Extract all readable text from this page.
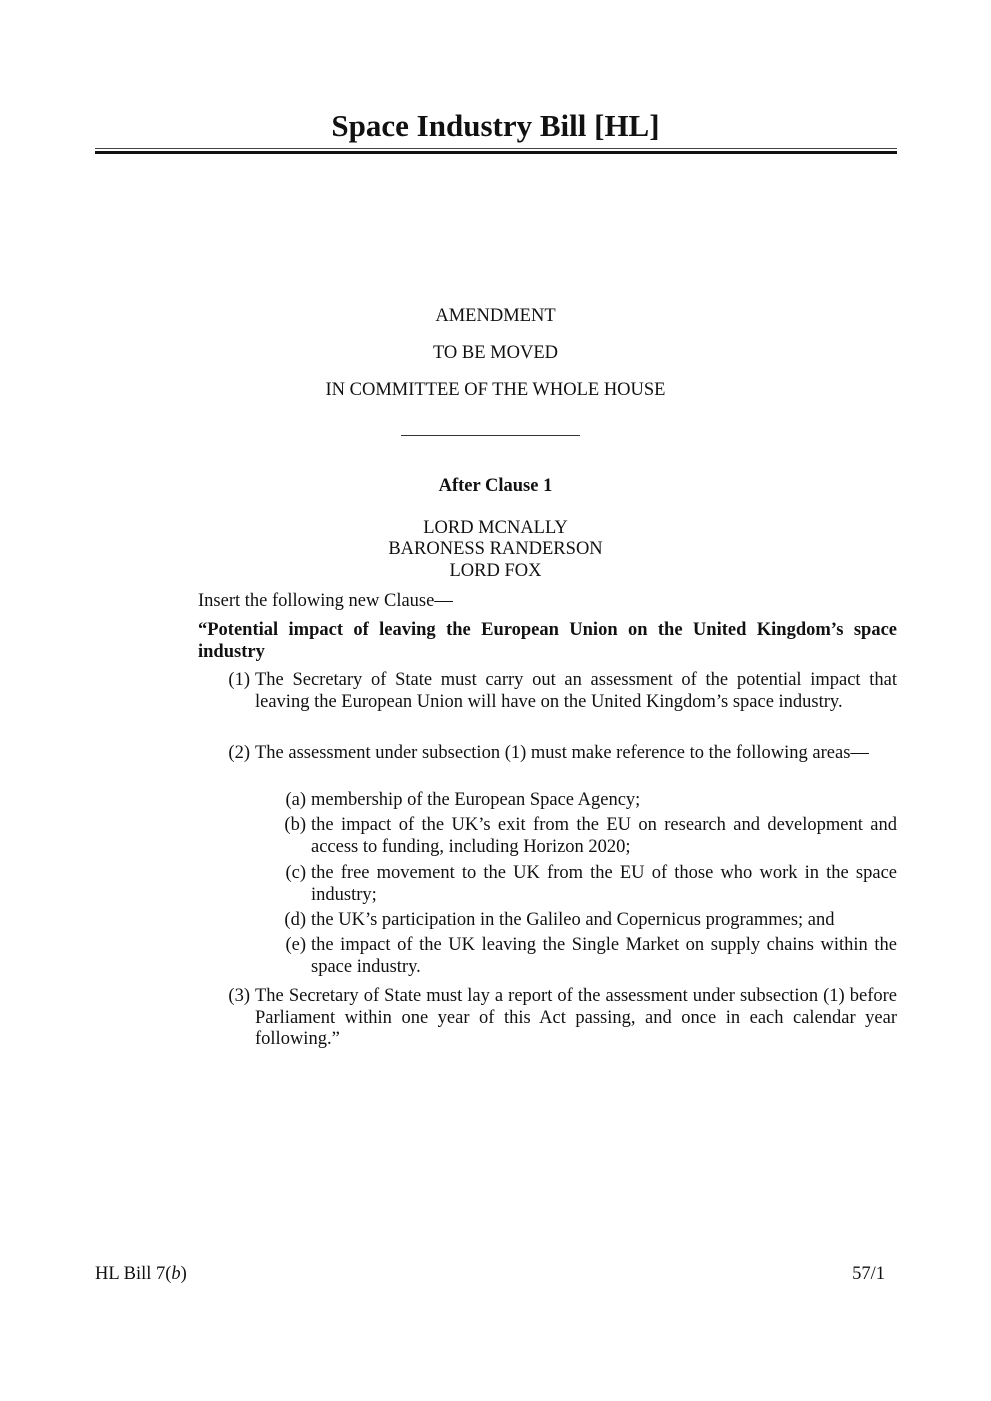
Space Industry Bill [HL]
AMENDMENT
TO BE MOVED
IN COMMITTEE OF THE WHOLE HOUSE
After Clause 1
LORD MCNALLY
BARONESS RANDERSON
LORD FOX
Insert the following new Clause—
“Potential impact of leaving the European Union on the United Kingdom’s space industry
(1) The Secretary of State must carry out an assessment of the potential impact that leaving the European Union will have on the United Kingdom’s space industry.
(2) The assessment under subsection (1) must make reference to the following areas—
(a) membership of the European Space Agency;
(b) the impact of the UK’s exit from the EU on research and development and access to funding, including Horizon 2020;
(c) the free movement to the UK from the EU of those who work in the space industry;
(d) the UK’s participation in the Galileo and Copernicus programmes; and
(e) the impact of the UK leaving the Single Market on supply chains within the space industry.
(3) The Secretary of State must lay a report of the assessment under subsection (1) before Parliament within one year of this Act passing, and once in each calendar year following.”
HL Bill 7(b)	57/1
